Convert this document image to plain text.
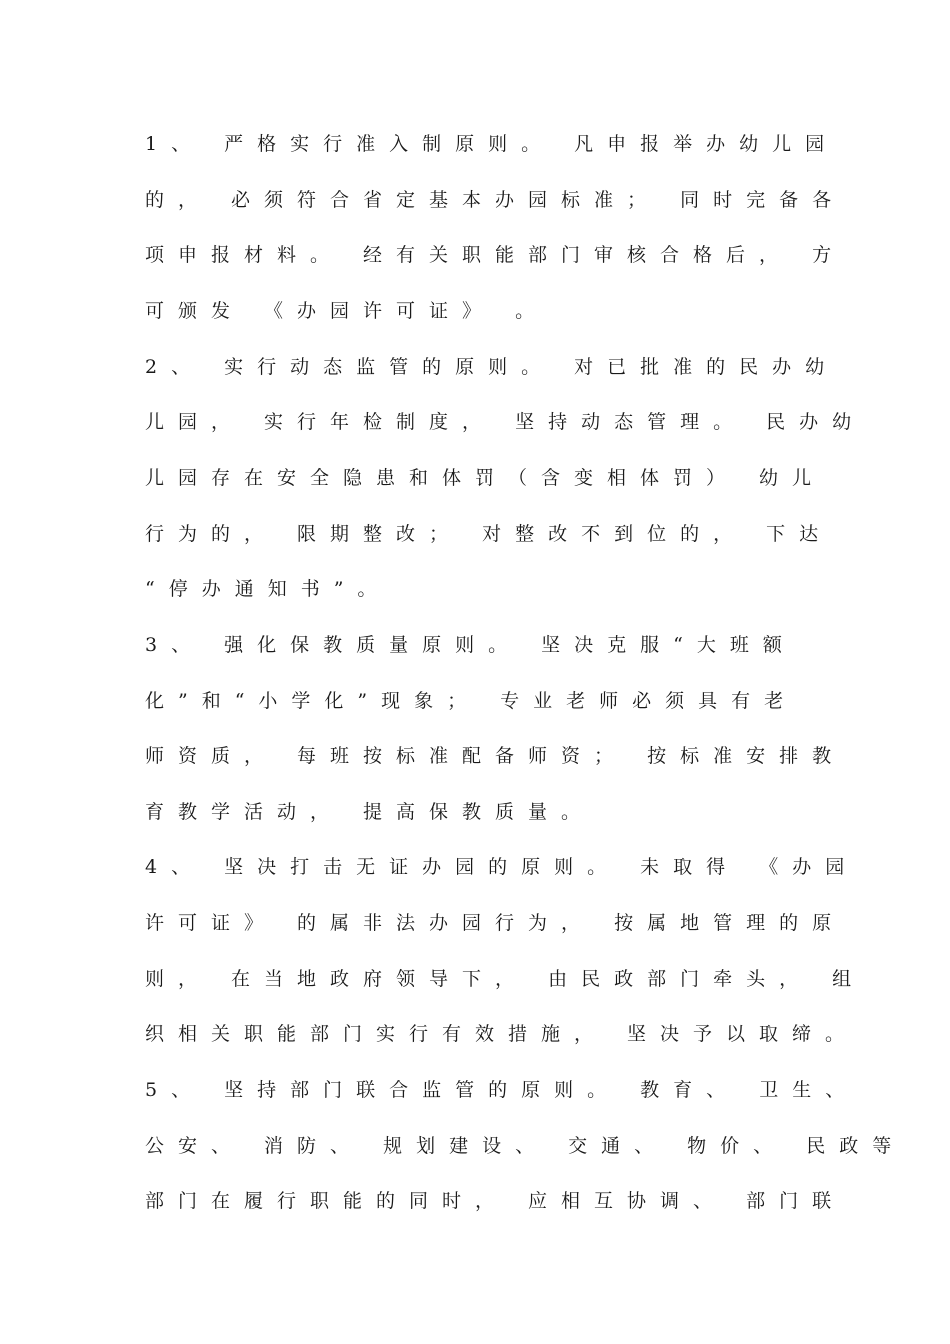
1、 严格实行准入制原则。 凡申报举办幼儿园
的， 必须符合省定基本办园标准； 同时完备各
项申报材料。 经有关职能部门审核合格后， 方
可颁发 《办园许可证》 。
2、 实行动态监管的原则。 对已批准的民办幼
儿园， 实行年检制度， 坚持动态管理。 民办幼
儿园存在安全隐患和体罚（含变相体罚） 幼儿
行为的， 限期整改； 对整改不到位的， 下达
“停办通知书”。
3、 强化保教质量原则。 坚决克服“大班额
化”和“小学化”现象； 专业老师必须具有老
师资质， 每班按标准配备师资； 按标准安排教
育教学活动， 提高保教质量。
4、 坚决打击无证办园的原则。 未取得 《办园
许可证》 的属非法办园行为， 按属地管理的原
则， 在当地政府领导下， 由民政部门牵头， 组
织相关职能部门实行有效措施， 坚决予以取缔。
5、 坚持部门联合监管的原则。 教育、 卫生、
公安、 消防、 规划建设、 交通、 物价、 民政等
部门在履行职能的同时， 应相互协调、 部门联
